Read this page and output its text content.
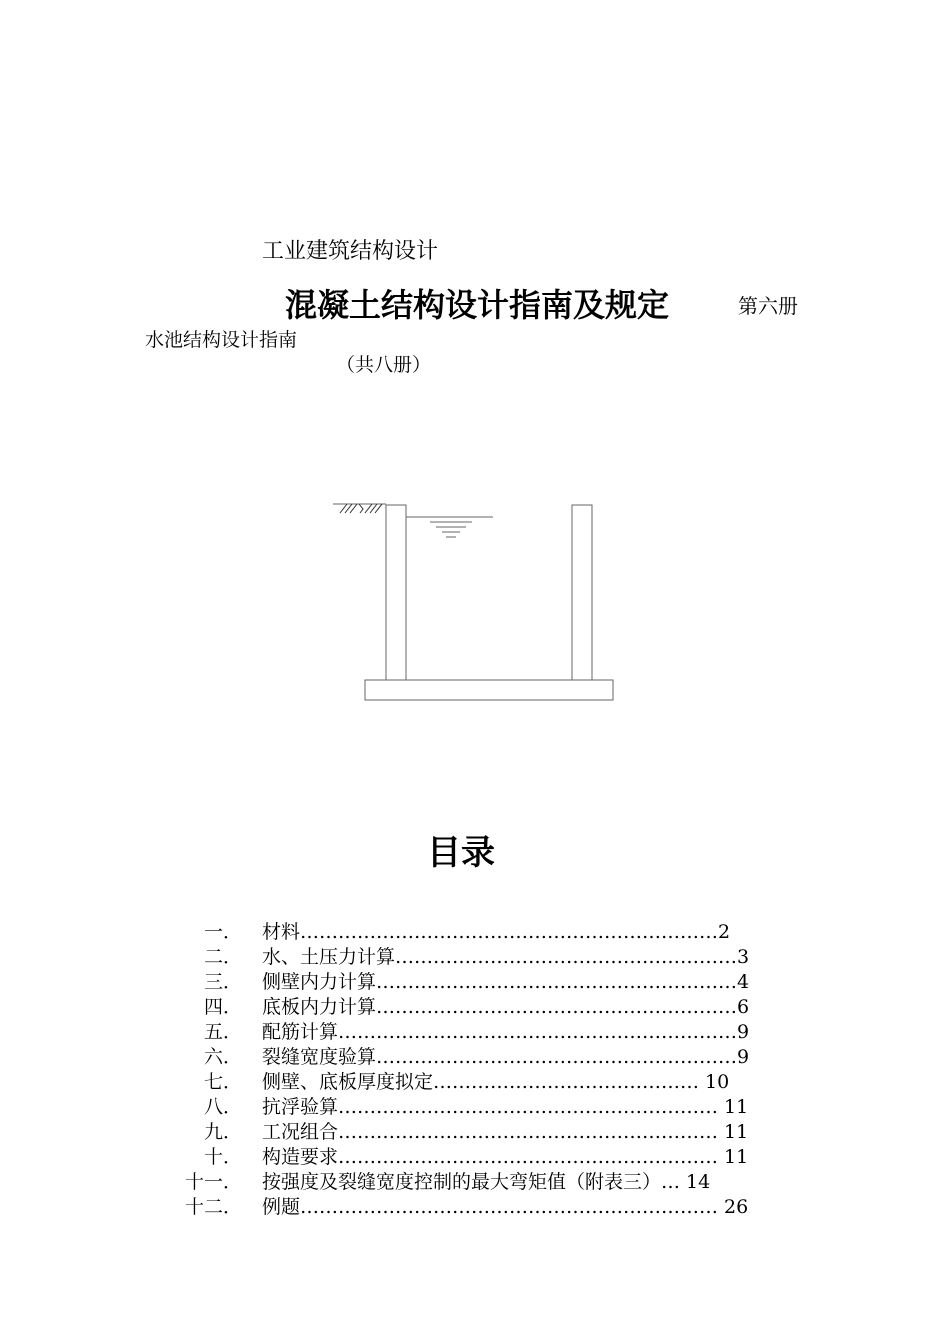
工业建筑结构设计
混凝土结构设计指南及规定	第六册
水池结构设计指南
（共八册）
目录
一． 材料…………………………………………………………2
二． 水、土压力计算………………………………………………3
三． 侧壁内力计算…………………………………………………4
四． 底板内力计算…………………………………………………6
五． 配筋计算………………………………………………………9
六． 裂缝宽度验算…………………………………………………9
七． 侧壁、底板厚度拟定…………………………………… 10
八． 抗浮验算…………………………………………………… 11
九． 工况组合…………………………………………………… 11
十． 构造要求…………………………………………………… 11
十一． 按强度及裂缝宽度控制的最大弯矩值（附表三）… 14
十二． 例题………………………………………………………… 26
